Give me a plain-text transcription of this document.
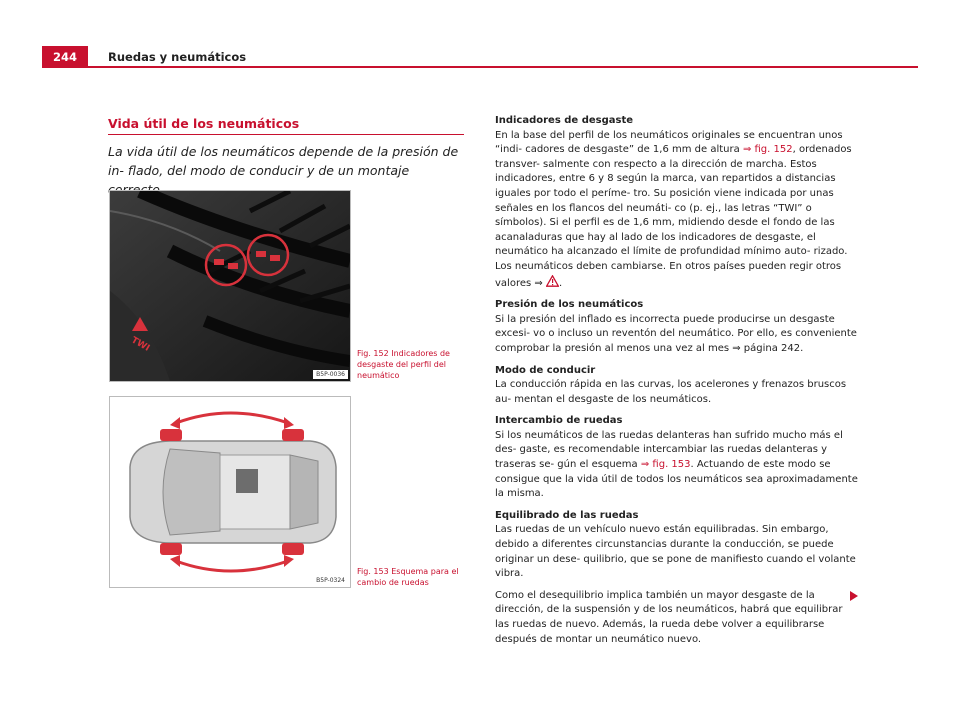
244	Ruedas y neumáticos
Vida útil de los neumáticos
La vida útil de los neumáticos depende de la presión de in- flado, del modo de conducir y de un montaje
TWI
B5P-0036
Fig. 152 Indicadores de desgaste del perfil del neumático
B5P-0324
Fig. 153 Esquema para el cambio de ruedas
Indicadores de desgaste

En la base del perfil de los neumáticos originales se encuentran unos “indi- cadores de desgaste” de 1,6 mm de altura ⇒ fig. 152, ordenados transver- salmente con respecto a la dirección de marcha. Estos indicadores, entre 6 y 8 según la marca, van repartidos a distancias iguales por todo el períme- tro. Su posición viene indicada por unas señales en los flancos del neumáti- co (p. ej., las letras “TWI” o símbolos). Si el perfil es de 1,6 mm, midiendo desde el fondo de las acanaladuras que hay al lado de los indicadores de desgaste, el neumático ha alcanzado el límite de profundidad mínimo auto- rizado. Los neumáticos deben cambiarse. En otros países pueden regir otros valores ⇒ .

Presión de los neumáticos

Si la presión del inflado es incorrecta puede producirse un desgaste excesi- vo o incluso un reventón del neumático. Por ello, es conveniente comprobar la presión al menos una vez al mes ⇒ página 242.

Modo de conducir

La conducción rápida en las curvas, los acelerones y frenazos bruscos au- mentan el desgaste de los neumáticos.

Intercambio de ruedas

Si los neumáticos de las ruedas delanteras han sufrido mucho más el des- gaste, es recomendable intercambiar las ruedas delanteras y traseras se- gún el esquema ⇒ fig. 153. Actuando de este modo se consigue que la vida útil de todos los neumáticos sea aproximadamente la misma.

Equilibrado de las ruedas

Las ruedas de un vehículo nuevo están equilibradas. Sin embargo, debido a diferentes circunstancias durante la conducción, se puede originar un dese- quilibrio, que se pone de manifiesto cuando el volante vibra.

Como el desequilibrio implica también un mayor desgaste de la dirección, de la suspensión y de los neumáticos, habrá que equilibrar las ruedas de nuevo. Además, la rueda debe volver a equilibrarse después de montar un neumático nuevo.
